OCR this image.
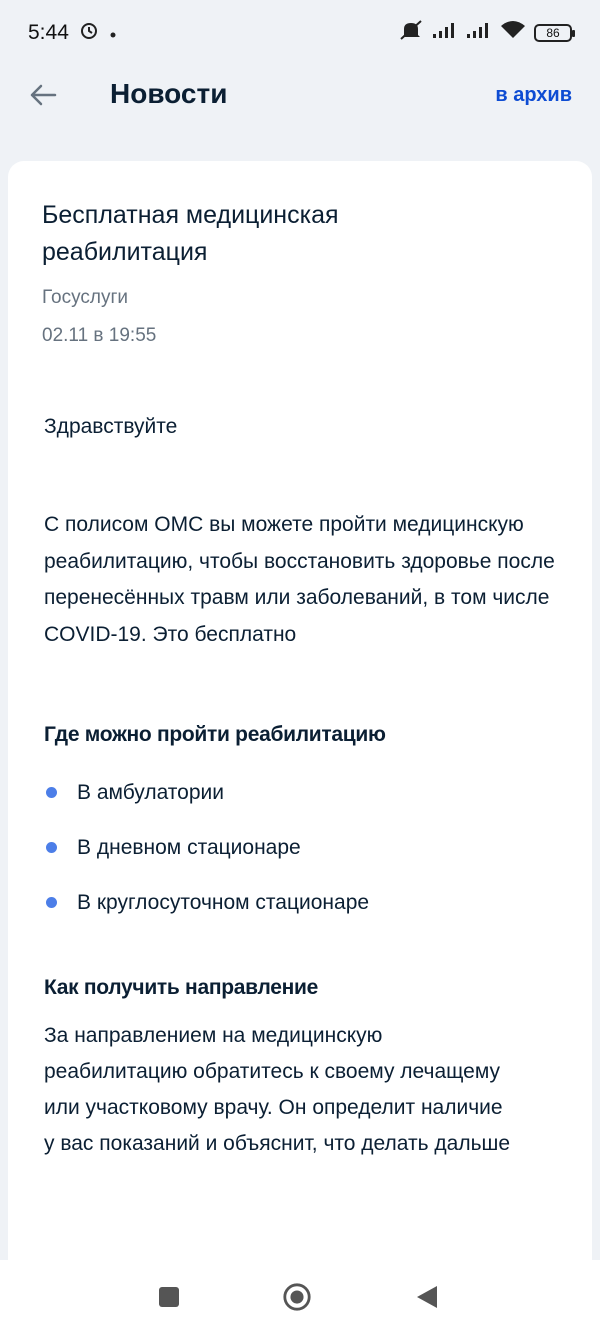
5:44	86
Новости	в архив
Бесплатная медицинская реабилитация
Госуслуги
02.11 в 19:55
Здравствуйте
С полисом ОМС вы можете пройти медицинскую реабилитацию, чтобы восстановить здоровье после перенесённых травм или заболеваний, в том числе COVID-19. Это бесплатно
Где можно пройти реабилитацию
В амбулатории
В дневном стационаре
В круглосуточном стационаре
Как получить направление
За направлением на медицинскую реабилитацию обратитесь к своему лечащему или участковому врачу. Он определит наличие у вас показаний и объяснит, что делать дальше
